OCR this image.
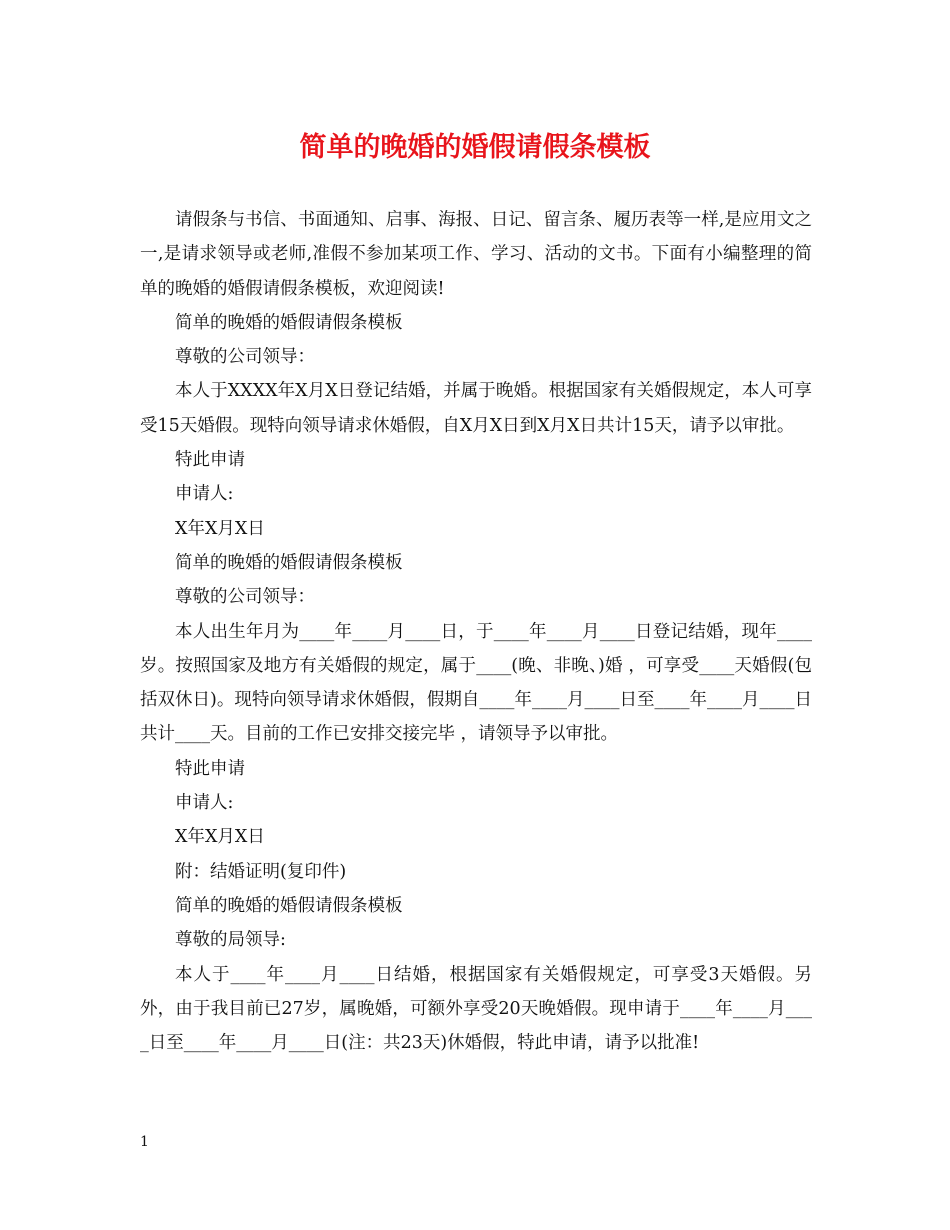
简单的晚婚的婚假请假条模板

请假条与书信、书面通知、启事、海报、日记、留言条、履历表等一样,是应用文之一,是请求领导或老师,准假不参加某项工作、学习、活动的文书。下面有小编整理的简单的晚婚的婚假请假条模板，欢迎阅读!

简单的晚婚的婚假请假条模板

尊敬的公司领导：

本人于XXXX年X月X日登记结婚，并属于晚婚。根据国家有关婚假规定，本人可享受15天婚假。现特向领导请求休婚假，自X月X日到X月X日共计15天，请予以审批。

特此申请

申请人:

X年X月X日

简单的晚婚的婚假请假条模板

尊敬的公司领导：

本人出生年月为____年____月____日，于____年____月____日登记结婚，现年____岁。按照国家及地方有关婚假的规定，属于____(晚、非晚、)婚 ，可享受____天婚假(包括双休日)。现特向领导请求休婚假，假期自____年____月____日至____年____月____日共计____天。目前的工作已安排交接完毕 ，请领导予以审批。

特此申请

申请人:

X年X月X日

附：结婚证明(复印件)

简单的晚婚的婚假请假条模板

尊敬的局领导:

本人于____年____月____日结婚，根据国家有关婚假规定，可享受3天婚假。另外，由于我目前已27岁，属晚婚，可额外享受20天晚婚假。现申请于____年____月____日至____年____月____日(注：共23天)休婚假，特此申请，请予以批准!

1
